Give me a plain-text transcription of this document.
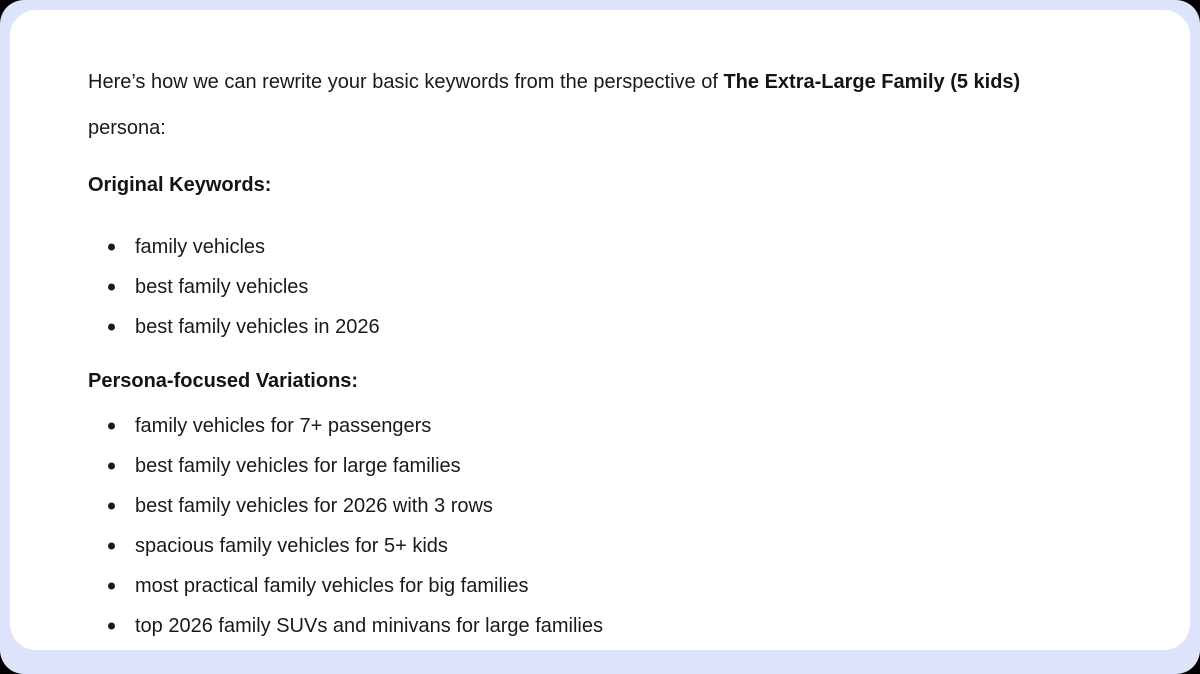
Here’s how we can rewrite your basic keywords from the perspective of The Extra-Large Family (5 kids)
persona:

Original Keywords:
family vehicles
best family vehicles
best family vehicles in 2026
Persona-focused Variations:
family vehicles for 7+ passengers
best family vehicles for large families
best family vehicles for 2026 with 3 rows
spacious family vehicles for 5+ kids
most practical family vehicles for big families
top 2026 family SUVs and minivans for large families
